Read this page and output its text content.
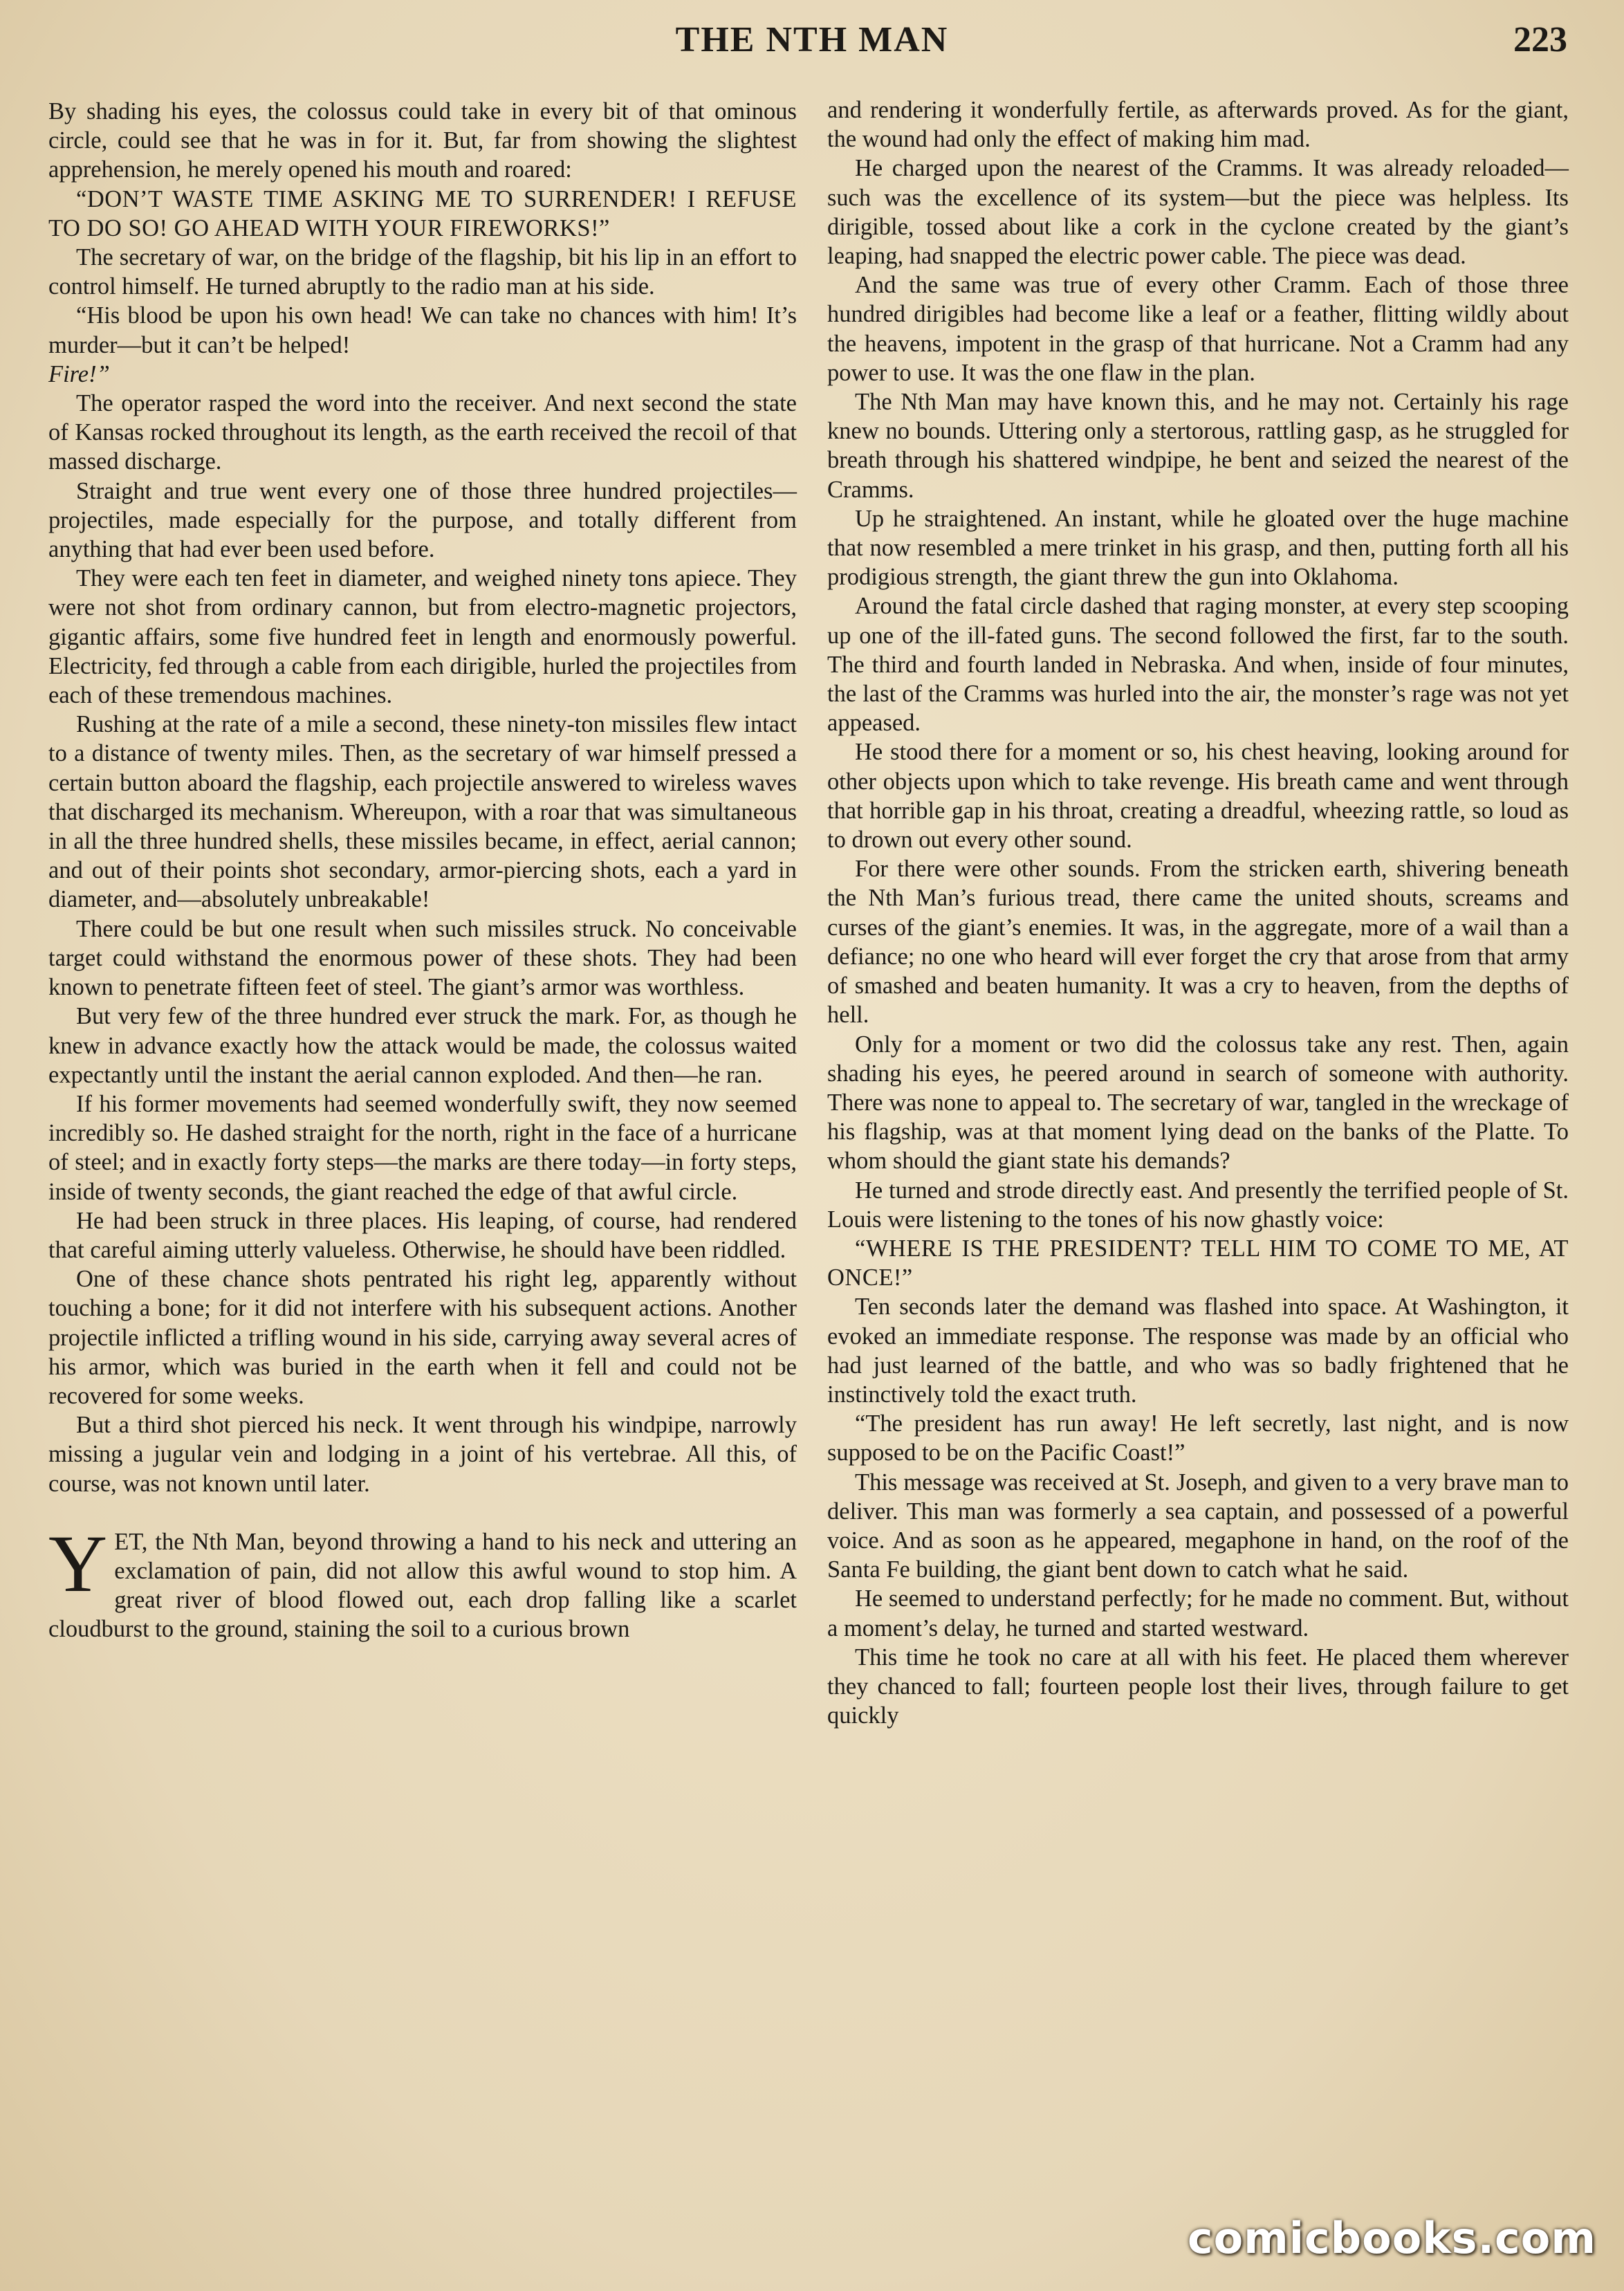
THE NTH MAN	223

By shading his eyes, the colossus could take in every bit of that ominous circle, could see that he was in for it. But, far from showing the slightest apprehension, he merely opened his mouth and roared:

“DON’T WASTE TIME ASKING ME TO SURRENDER! I REFUSE TO DO SO! GO AHEAD WITH YOUR FIREWORKS!”

The secretary of war, on the bridge of the flagship, bit his lip in an effort to control himself. He turned abruptly to the radio man at his side.

“His blood be upon his own head! We can take no chances with him! It’s murder—but it can’t be helped!
Fire!”

The operator rasped the word into the receiver. And next second the state of Kansas rocked throughout its length, as the earth received the recoil of that massed discharge.

Straight and true went every one of those three hundred projectiles—projectiles, made especially for the purpose, and totally different from anything that had ever been used before.

They were each ten feet in diameter, and weighed ninety tons apiece. They were not shot from ordinary cannon, but from electro-magnetic projectors, gigantic affairs, some five hundred feet in length and enormously powerful. Electricity, fed through a cable from each dirigible, hurled the projectiles from each of these tremendous machines.

Rushing at the rate of a mile a second, these ninety-ton missiles flew intact to a distance of twenty miles. Then, as the secretary of war himself pressed a certain button aboard the flagship, each projectile answered to wireless waves that discharged its mechanism. Whereupon, with a roar that was simultaneous in all the three hundred shells, these missiles became, in effect, aerial cannon; and out of their points shot secondary, armor-piercing shots, each a yard in diameter, and—absolutely unbreakable!

There could be but one result when such missiles struck. No conceivable target could withstand the enormous power of these shots. They had been known to penetrate fifteen feet of steel. The giant’s armor was worthless.

But very few of the three hundred ever struck the mark. For, as though he knew in advance exactly how the attack would be made, the colossus waited expectantly until the instant the aerial cannon exploded. And then—he ran.

If his former movements had seemed wonderfully swift, they now seemed incredibly so. He dashed straight for the north, right in the face of a hurricane of steel; and in exactly forty steps—the marks are there today—in forty steps, inside of twenty seconds, the giant reached the edge of that awful circle.

He had been struck in three places. His leaping, of course, had rendered that careful aiming utterly valueless. Otherwise, he should have been riddled.

One of these chance shots pentrated his right leg, apparently without touching a bone; for it did not interfere with his subsequent actions. Another projectile inflicted a trifling wound in his side, carrying away several acres of his armor, which was buried in the earth when it fell and could not be recovered for some weeks.

But a third shot pierced his neck. It went through his windpipe, narrowly missing a jugular vein and lodging in a joint of his vertebrae. All this, of course, was not known until later.

YET, the Nth Man, beyond throwing a hand to his neck and uttering an exclamation of pain, did not allow this awful wound to stop him. A great river of blood flowed out, each drop falling like a scarlet cloudburst to the ground, staining the soil to a curious brown

and rendering it wonderfully fertile, as afterwards proved. As for the giant, the wound had only the effect of making him mad.

He charged upon the nearest of the Cramms. It was already reloaded—such was the excellence of its system—but the piece was helpless. Its dirigible, tossed about like a cork in the cyclone created by the giant’s leaping, had snapped the electric power cable. The piece was dead.

And the same was true of every other Cramm. Each of those three hundred dirigibles had become like a leaf or a feather, flitting wildly about the heavens, impotent in the grasp of that hurricane. Not a Cramm had any power to use. It was the one flaw in the plan.

The Nth Man may have known this, and he may not. Certainly his rage knew no bounds. Uttering only a stertorous, rattling gasp, as he struggled for breath through his shattered windpipe, he bent and seized the nearest of the Cramms.

Up he straightened. An instant, while he gloated over the huge machine that now resembled a mere trinket in his grasp, and then, putting forth all his prodigious strength, the giant threw the gun into Oklahoma.

Around the fatal circle dashed that raging monster, at every step scooping up one of the ill-fated guns. The second followed the first, far to the south. The third and fourth landed in Nebraska. And when, inside of four minutes, the last of the Cramms was hurled into the air, the monster’s rage was not yet appeased.

He stood there for a moment or so, his chest heaving, looking around for other objects upon which to take revenge. His breath came and went through that horrible gap in his throat, creating a dreadful, wheezing rattle, so loud as to drown out every other sound.

For there were other sounds. From the stricken earth, shivering beneath the Nth Man’s furious tread, there came the united shouts, screams and curses of the giant’s enemies. It was, in the aggregate, more of a wail than a defiance; no one who heard will ever forget the cry that arose from that army of smashed and beaten humanity. It was a cry to heaven, from the depths of hell.

Only for a moment or two did the colossus take any rest. Then, again shading his eyes, he peered around in search of someone with authority. There was none to appeal to. The secretary of war, tangled in the wreckage of his flagship, was at that moment lying dead on the banks of the Platte. To whom should the giant state his demands?

He turned and strode directly east. And presently the terrified people of St. Louis were listening to the tones of his now ghastly voice:

“WHERE IS THE PRESIDENT? TELL HIM TO COME TO ME, AT ONCE!”

Ten seconds later the demand was flashed into space. At Washington, it evoked an immediate response. The response was made by an official who had just learned of the battle, and who was so badly frightened that he instinctively told the exact truth.

“The president has run away! He left secretly, last night, and is now supposed to be on the Pacific Coast!”

This message was received at St. Joseph, and given to a very brave man to deliver. This man was formerly a sea captain, and possessed of a powerful voice. And as soon as he appeared, megaphone in hand, on the roof of the Santa Fe building, the giant bent down to catch what he said.

He seemed to understand perfectly; for he made no comment. But, without a moment’s delay, he turned and started westward.

This time he took no care at all with his feet. He placed them wherever they chanced to fall; fourteen people lost their lives, through failure to get quickly

comicbooks.com
